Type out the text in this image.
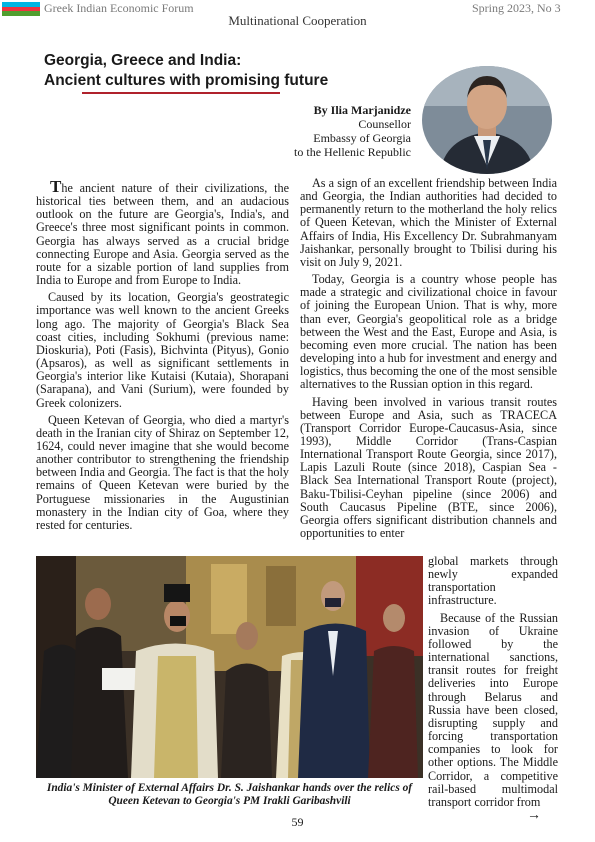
Greek Indian Economic Forum	Spring 2023, No 3
Multinational Cooperation
Georgia, Greece and India:
Ancient cultures with promising future
By Ilia Marjanidze
Counsellor
Embassy of Georgia
to the Hellenic Republic

The ancient nature of their civilizations, the historical ties between them, and an audacious outlook on the future are Georgia's, India's, and Greece's three most significant points in common. Georgia has always served as a crucial bridge connecting Europe and Asia. Georgia served as the route for a sizable portion of land supplies from India to Europe and from Europe to India.

Caused by its location, Georgia's geostrategic importance was well known to the ancient Greeks long ago. The majority of Georgia's Black Sea coast cities, including Sokhumi (previous name: Dioskuria), Poti (Fasis), Bichvinta (Pityus), Gonio (Apsaros), as well as significant settlements in Georgia's interior like Kutaisi (Kutaia), Shorapani (Sarapana), and Vani (Surium), were founded by Greek colonizers.

Queen Ketevan of Georgia, who died a martyr's death in the Iranian city of Shiraz on September 12, 1624, could never imagine that she would become another contributor to strengthening the friendship between India and Georgia. The fact is that the holy remains of Queen Ketevan were buried by the Portuguese missionaries in the Augustinian monastery in the Indian city of Goa, where they rested for centuries.

As a sign of an excellent friendship between India and Georgia, the Indian authorities had decided to permanently return to the motherland the holy relics of Queen Ketevan, which the Minister of External Affairs of India, His Excellency Dr. Subrahmanyam Jaishankar, personally brought to Tbilisi during his visit on July 9, 2021.

Today, Georgia is a country whose people has made a strategic and civilizational choice in favour of joining the European Union. That is why, more than ever, Georgia's geopolitical role as a bridge between the West and the East, Europe and Asia, is becoming even more crucial. The nation has been developing into a hub for investment and energy and logistics, thus becoming the one of the most sensible alternatives to the Russian option in this regard.

Having been involved in various transit routes between Europe and Asia, such as TRACECA (Transport Corridor Europe-Caucasus-Asia, since 1993), Middle Corridor (Trans-Caspian International Transport Route Georgia, since 2017), Lapis Lazuli Route (since 2018), Caspian Sea - Black Sea International Transport Route (project), Baku-Tbilisi-Ceyhan pipeline (since 2006) and South Caucasus Pipeline (BTE, since 2006), Georgia offers significant distribution channels and opportunities to enter

global markets through newly expanded transportation infrastructure.

Because of the Russian invasion of Ukraine followed by the international sanctions, transit routes for freight deliveries into Europe through Belarus and Russia have been closed, disrupting supply and forcing transportation companies to look for other options. The Middle Corridor, a competitive rail-based multimodal transport corridor from

India's Minister of External Affairs Dr. S. Jaishankar hands over the relics of Queen Ketevan to Georgia's PM Irakli Garibashvili
59	→
